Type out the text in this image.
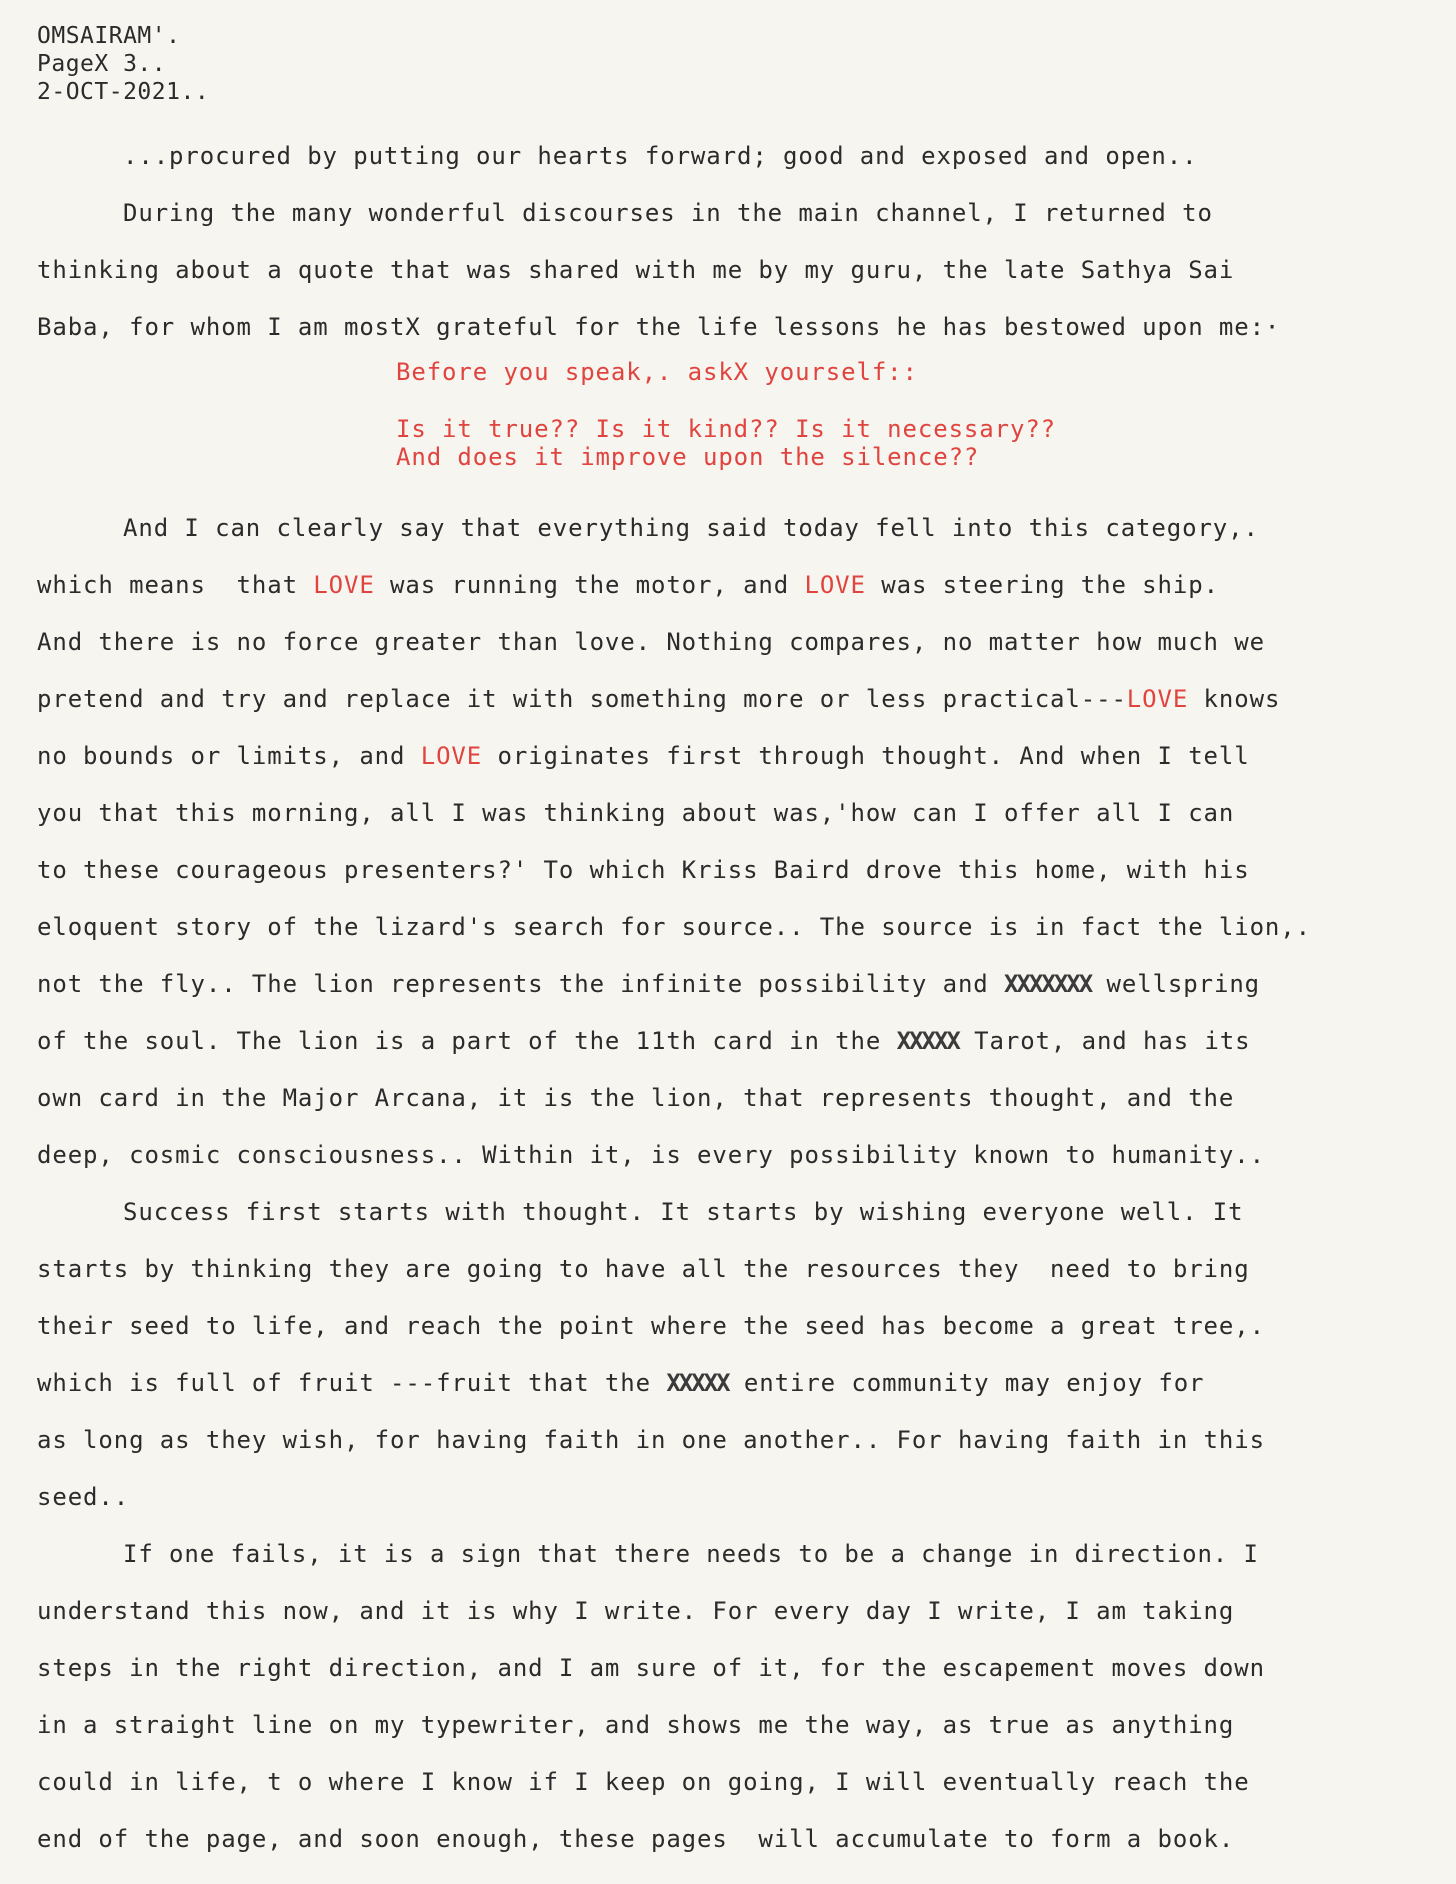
OMSAIRAM'.
PageX 3..
2-OCT-2021..
...procured by putting our hearts forward; good and exposed and open..
During the many wonderful discourses in the main channel, I returned to
thinking about a quote that was shared with me by my guru, the late Sathya Sai
Baba, for whom I am mostX grateful for the life lessons he has bestowed upon me:·
Before you speak,. askX yourself::
Is it true?? Is it kind?? Is it necessary??
And does it improve upon the silence??
And I can clearly say that everything said today fell into this category,.
which means  that LOVE was running the motor, and LOVE was steering the ship.
And there is no force greater than love. Nothing compares, no matter how much we
pretend and try and replace it with something more or less practical---LOVE knows
no bounds or limits, and LOVE originates first through thought. And when I tell
you that this morning, all I was thinking about was,'how can I offer all I can
to these courageous presenters?' To which Kriss Baird drove this home, with his
eloquent story of the lizard's search for source.. The source is in fact the lion,.
not the fly.. The lion represents the infinite possibility and XXXXXXX wellspring
of the soul. The lion is a part of the 11th card in the XXXXX Tarot, and has its
own card in the Major Arcana, it is the lion, that represents thought, and the
deep, cosmic consciousness.. Within it, is every possibility known to humanity..
Success first starts with thought. It starts by wishing everyone well. It
starts by thinking they are going to have all the resources they  need to bring
their seed to life, and reach the point where the seed has become a great tree,.
which is full of fruit ---fruit that the XXXXX entire community may enjoy for
as long as they wish, for having faith in one another.. For having faith in this
seed..
If one fails, it is a sign that there needs to be a change in direction. I
understand this now, and it is why I write. For every day I write, I am taking
steps in the right direction, and I am sure of it, for the escapement moves down
in a straight line on my typewriter, and shows me the way, as true as anything
could in life, t o where I know if I keep on going, I will eventually reach the
end of the page, and soon enough, these pages  will accumulate to form a book.
